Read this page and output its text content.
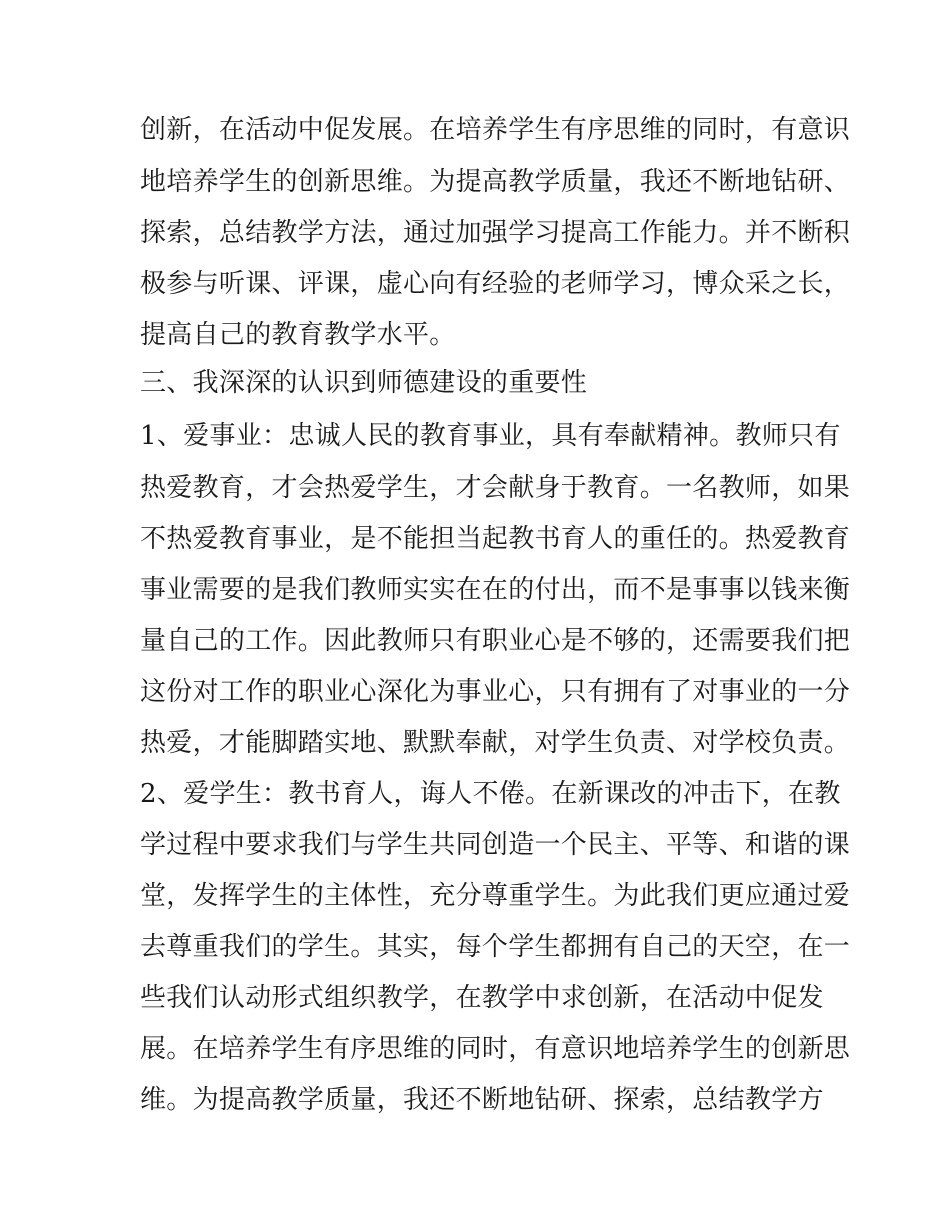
创新，在活动中促发展。在培养学生有序思维的同时，有意识
地培养学生的创新思维。为提高教学质量，我还不断地钻研、
探索，总结教学方法，通过加强学习提高工作能力。并不断积
极参与听课、评课，虚心向有经验的老师学习，博众采之长，
提高自己的教育教学水平。
三、我深深的认识到师德建设的重要性
1、爱事业：忠诚人民的教育事业，具有奉献精神。教师只有
热爱教育，才会热爱学生，才会献身于教育。一名教师，如果
不热爱教育事业，是不能担当起教书育人的重任的。热爱教育
事业需要的是我们教师实实在在的付出，而不是事事以钱来衡
量自己的工作。因此教师只有职业心是不够的，还需要我们把
这份对工作的职业心深化为事业心，只有拥有了对事业的一分
热爱，才能脚踏实地、默默奉献，对学生负责、对学校负责。
2、爱学生：教书育人，诲人不倦。在新课改的冲击下，在教
学过程中要求我们与学生共同创造一个民主、平等、和谐的课
堂，发挥学生的主体性，充分尊重学生。为此我们更应通过爱
去尊重我们的学生。其实，每个学生都拥有自己的天空，在一
些我们认动形式组织教学，在教学中求创新，在活动中促发
展。在培养学生有序思维的同时，有意识地培养学生的创新思
维。为提高教学质量，我还不断地钻研、探索，总结教学方
